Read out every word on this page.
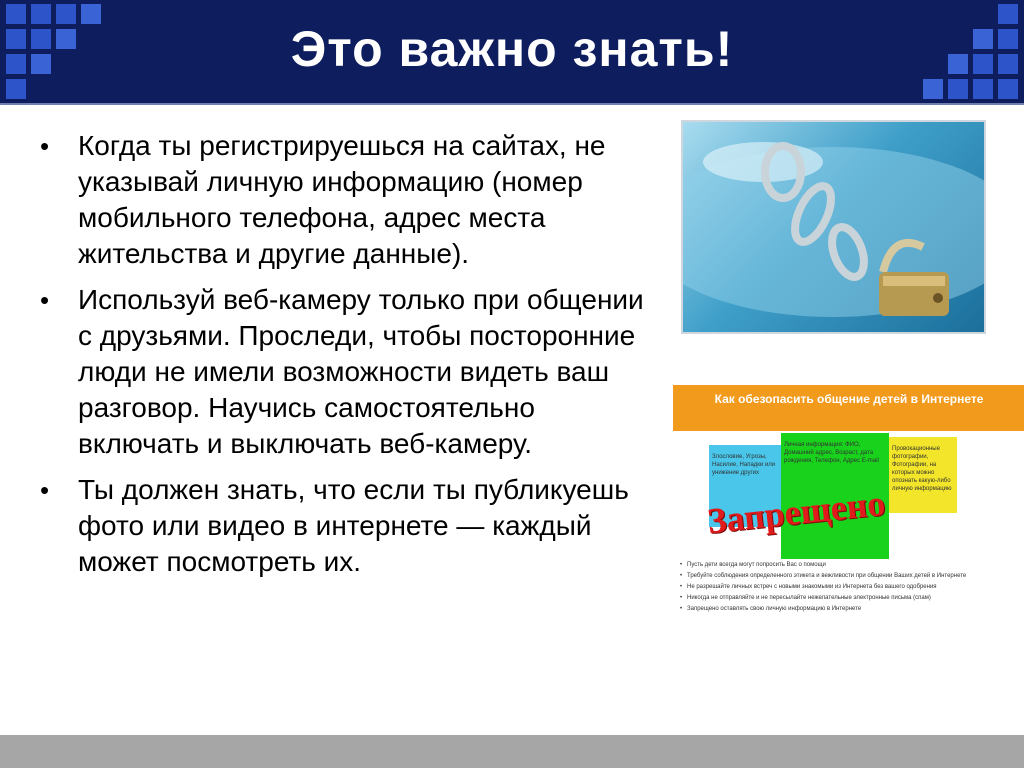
Это важно знать!
• Когда ты регистрируешься на сайтах, не указывай личную информацию (номер мобильного телефона, адрес места жительства и другие данные).
• Используй веб-камеру только при общении с друзьями. Проследи, чтобы посторонние люди не имели возможности видеть ваш разговор. Научись самостоятельно включать и выключать веб-камеру.
• Ты должен знать, что если ты публикуешь фото или видео в интернете — каждый может посмотреть их.
Как обезопасить общение детей в Интернете
Злословие, Угрозы, Насилие, Нападки или унижение других
Личная информация: ФИО, Домашний адрес, Возраст, дата рождения, Телефон, Адрес E-mail
Провокационные фотографии, Фотографии, на которых можно опознать какую-либо личную информацию
Запрещено
• Пусть дети всегда могут попросить Вас о помощи
• Требуйте соблюдения определенного этикета и вежливости при общении Ваших детей в Интернете
• Не разрешайте личных встреч с новыми знакомыми из Интернета без вашего одобрения
• Никогда не отправляйте и не пересылайте нежелательные электронные письма (спам)
• Запрещено оставлять свою личную информацию в Интернете
